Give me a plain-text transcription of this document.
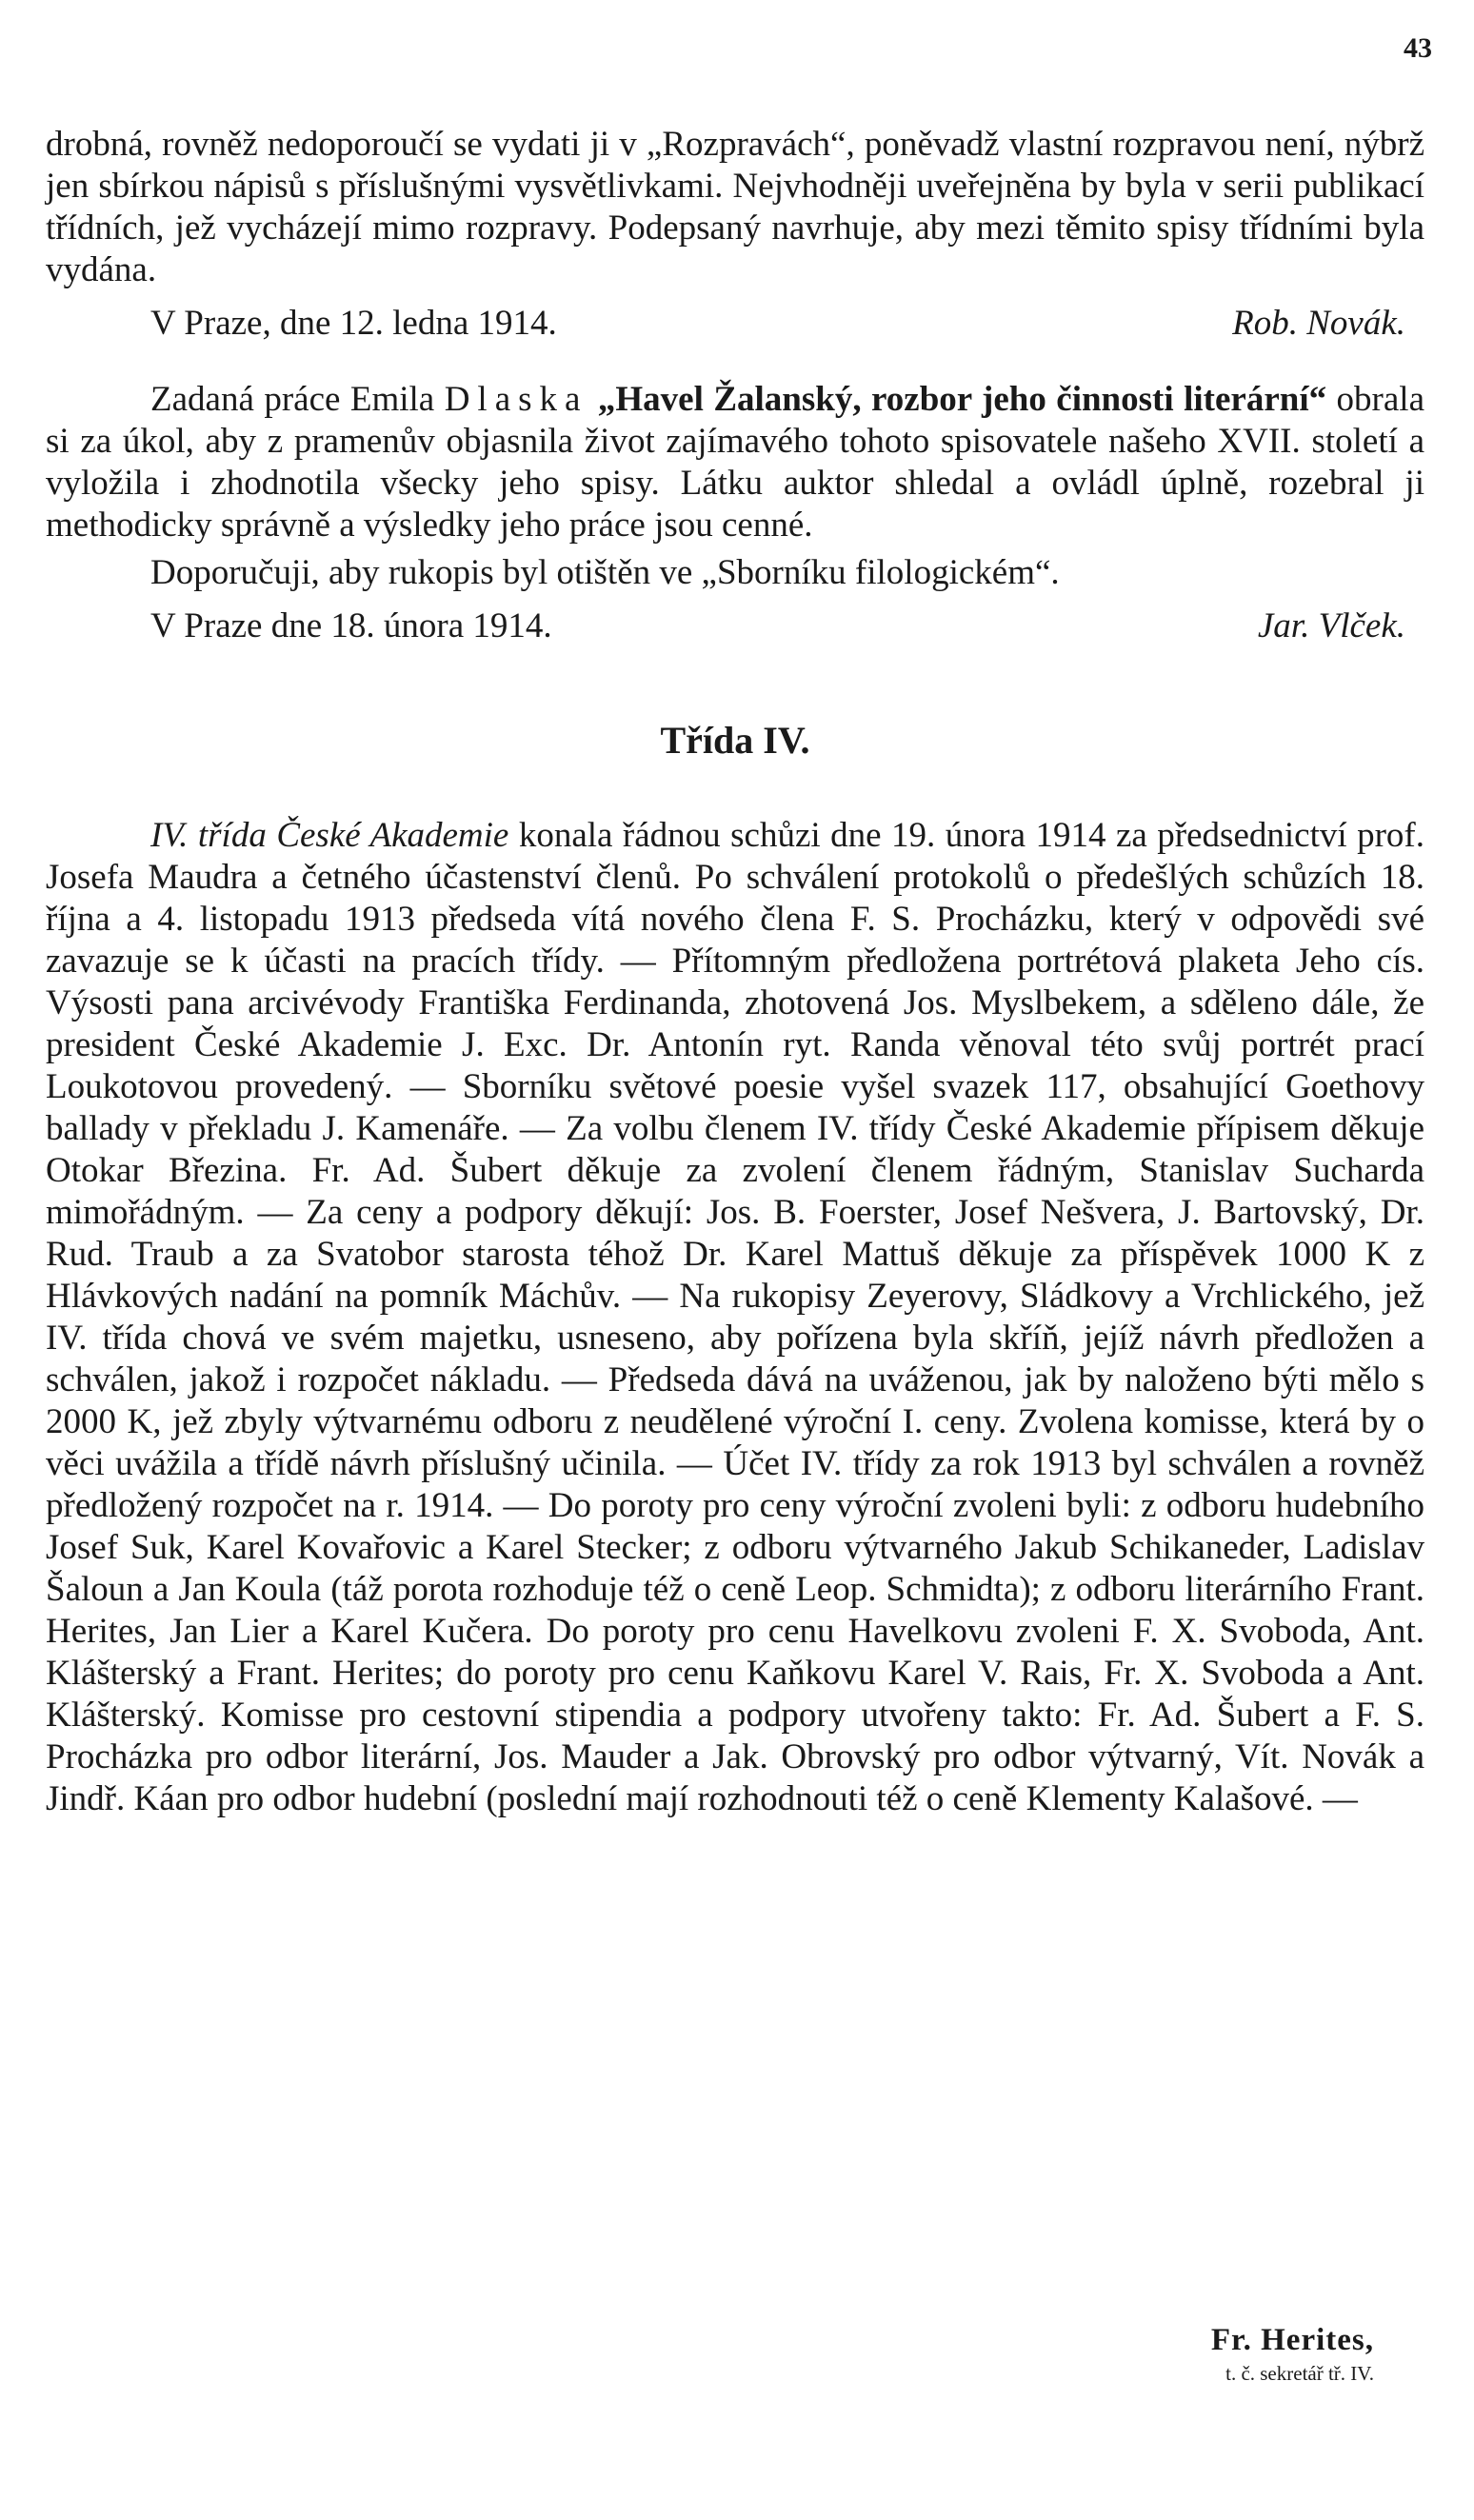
43

drobná, rovněž nedoporoučí se vydati ji v „Rozpravách“, poněvadž vlastní rozpravou není, nýbrž jen sbírkou nápisů s příslušnými vysvětlivkami. Nejvhodněji uveřejněna by byla v serii publikací třídních, jež vycházejí mimo rozpravy. Podepsaný navrhuje, aby mezi těmito spisy třídními byla vydána.

V Praze, dne 12. ledna 1914.	Rob. Novák.

Zadaná práce Emila Dlaska „Havel Žalanský, rozbor jeho činnosti literární“ obrala si za úkol, aby z pramenův objasnila život zajímavého tohoto spisovatele našeho XVII. století a vyložila i zhodnotila všecky jeho spisy. Látku auktor shledal a ovládl úplně, rozebral ji methodicky správně a výsledky jeho práce jsou cenné.

Doporučuji, aby rukopis byl otištěn ve „Sborníku filologickém“.

V Praze dne 18. února 1914.	Jar. Vlček.
Třída IV.

IV. třída České Akademie konala řádnou schůzi dne 19. února 1914 za předsednictví prof. Josefa Maudra a četného účastenství členů. Po schválení protokolů o předešlých schůzích 18. října a 4. listopadu 1913 předseda vítá nového člena F. S. Procházku, který v odpovědi své zavazuje se k účasti na pracích třídy. — Přítomným předložena portrétová plaketa Jeho cís. Výsosti pana arcivévody Františka Ferdinanda, zhotovená Jos. Myslbekem, a sděleno dále, že president České Akademie J. Exc. Dr. Antonín ryt. Randa věnoval této svůj portrét prací Loukotovou provedený. — Sborníku světové poesie vyšel svazek 117, obsahující Goethovy ballady v překladu J. Kamenáře. — Za volbu členem IV. třídy České Akademie přípisem děkuje Otokar Březina. Fr. Ad. Šubert děkuje za zvolení členem řádným, Stanislav Sucharda mimořádným. — Za ceny a podpory děkují: Jos. B. Foerster, Josef Nešvera, J. Bartovský, Dr. Rud. Traub a za Svatobor starosta téhož Dr. Karel Mattuš děkuje za příspěvek 1000 K z Hlávkových nadání na pomník Máchův. — Na rukopisy Zeyerovy, Sládkovy a Vrchlického, jež IV. třída chová ve svém majetku, usneseno, aby pořízena byla skříň, jejíž návrh předložen a schválen, jakož i rozpočet nákladu. — Předseda dává na uváženou, jak by naloženo býti mělo s 2000 K, jež zbyly výtvarnému odboru z neudělené výroční I. ceny. Zvolena komisse, která by o věci uvážila a třídě návrh příslušný učinila. — Účet IV. třídy za rok 1913 byl schválen a rovněž předložený rozpočet na r. 1914. — Do poroty pro ceny výroční zvoleni byli: z odboru hudebního Josef Suk, Karel Kovařovic a Karel Stecker; z odboru výtvarného Jakub Schikaneder, Ladislav Šaloun a Jan Koula (táž porota rozhoduje též o ceně Leop. Schmidta); z odboru literárního Frant. Herites, Jan Lier a Karel Kučera. Do poroty pro cenu Havelkovu zvoleni F. X. Svoboda, Ant. Klášterský a Frant. Herites; do poroty pro cenu Kaňkovu Karel V. Rais, Fr. X. Svoboda a Ant. Klášterský. Komisse pro cestovní stipendia a podpory utvořeny takto: Fr. Ad. Šubert a F. S. Procházka pro odbor literární, Jos. Mauder a Jak. Obrovský pro odbor výtvarný, Vít. Novák a Jindř. Káan pro odbor hudební (poslední mají rozhodnouti též o ceně Klementy Kalašové. —

Fr. Herites,
t. č. sekretář tř. IV.
